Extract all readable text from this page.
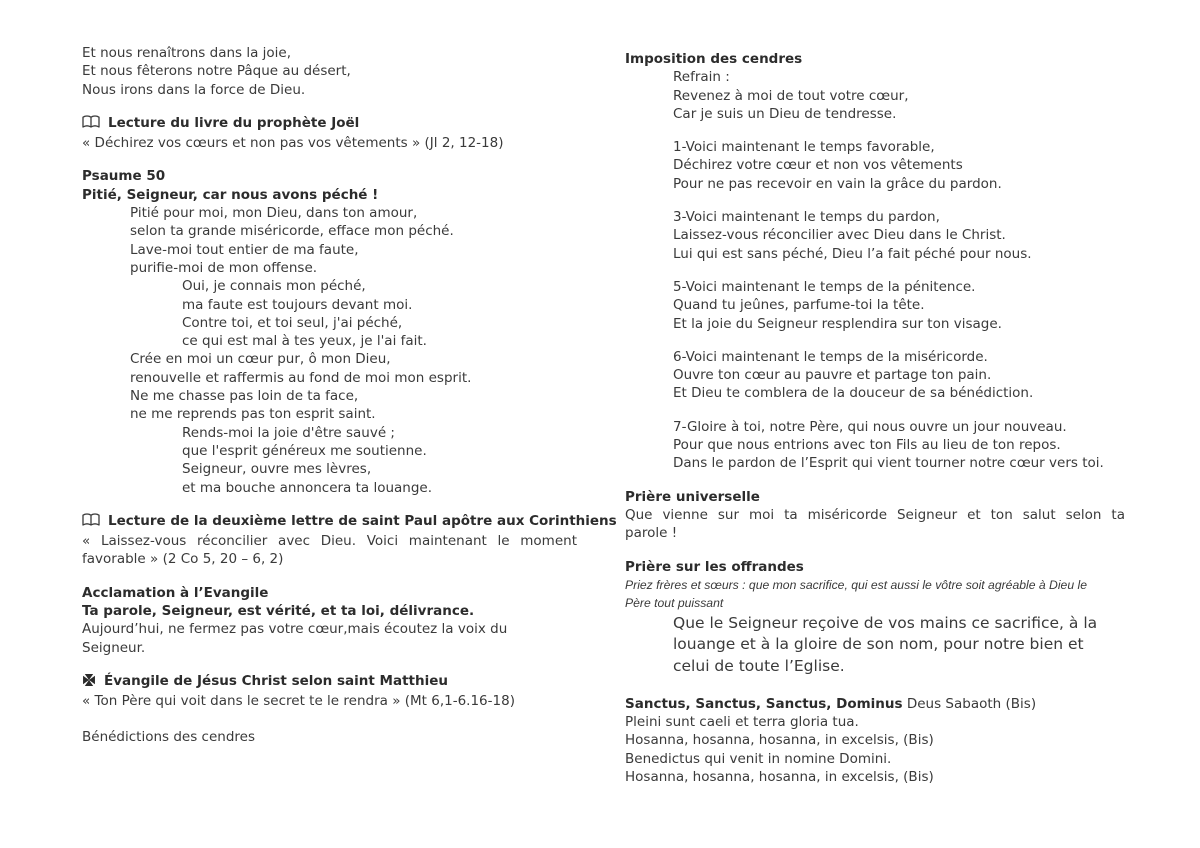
Et nous renaîtrons dans la joie,
Et nous fêterons notre Pâque au désert,
Nous irons dans la force de Dieu.
Lecture du livre du prophète Joël
« Déchirez vos cœurs et non pas vos vêtements » (Jl 2, 12-18)
Psaume 50
Pitié, Seigneur, car nous avons péché !
Pitié pour moi, mon Dieu, dans ton amour,
selon ta grande miséricorde, efface mon péché.
Lave-moi tout entier de ma faute,
purifie-moi de mon offense.
Oui, je connais mon péché,
ma faute est toujours devant moi.
Contre toi, et toi seul, j'ai péché,
ce qui est mal à tes yeux, je l'ai fait.
Crée en moi un cœur pur, ô mon Dieu,
renouvelle et raffermis au fond de moi mon esprit.
Ne me chasse pas loin de ta face,
ne me reprends pas ton esprit saint.
Rends-moi la joie d'être sauvé ;
que l'esprit généreux me soutienne.
Seigneur, ouvre mes lèvres,
et ma bouche annoncera ta louange.
Lecture de la deuxième lettre de saint Paul apôtre aux Corinthiens
« Laissez-vous réconcilier avec Dieu. Voici maintenant le moment
favorable » (2 Co 5, 20 – 6, 2)
Acclamation à l’Evangile
Ta parole, Seigneur, est vérité, et ta loi, délivrance.
Aujourd’hui, ne fermez pas votre cœur,mais écoutez la voix du
Seigneur.
Évangile de Jésus Christ selon saint Matthieu
« Ton Père qui voit dans le secret te le rendra » (Mt 6,1-6.16-18)
Bénédictions des cendres
Imposition des cendres
Refrain :
Revenez à moi de tout votre cœur,
Car je suis un Dieu de tendresse.
1-Voici maintenant le temps favorable,
Déchirez votre cœur et non vos vêtements
Pour ne pas recevoir en vain la grâce du pardon.
3-Voici maintenant le temps du pardon,
Laissez-vous réconcilier avec Dieu dans le Christ.
Lui qui est sans péché, Dieu l’a fait péché pour nous.
5-Voici maintenant le temps de la pénitence.
Quand tu jeûnes, parfume-toi la tête.
Et la joie du Seigneur resplendira sur ton visage.
6-Voici maintenant le temps de la miséricorde.
Ouvre ton cœur au pauvre et partage ton pain.
Et Dieu te comblera de la douceur de sa bénédiction.
7-Gloire à toi, notre Père, qui nous ouvre un jour nouveau.
Pour que nous entrions avec ton Fils au lieu de ton repos.
Dans le pardon de l’Esprit qui vient tourner notre cœur vers toi.
Prière universelle
Que vienne sur moi ta miséricorde Seigneur et ton salut selon ta
parole !
Prière sur les offrandes
Priez frères et sœurs : que mon sacrifice, qui est aussi le vôtre soit agréable à Dieu le
Père tout puissant
Que le Seigneur reçoive de vos mains ce sacrifice, à la
louange et à la gloire de son nom, pour notre bien et
celui de toute l’Eglise.
Sanctus, Sanctus, Sanctus, Dominus Deus Sabaoth (Bis)
Pleini sunt caeli et terra gloria tua.
Hosanna, hosanna, hosanna, in excelsis, (Bis)
Benedictus qui venit in nomine Domini.
Hosanna, hosanna, hosanna, in excelsis, (Bis)
